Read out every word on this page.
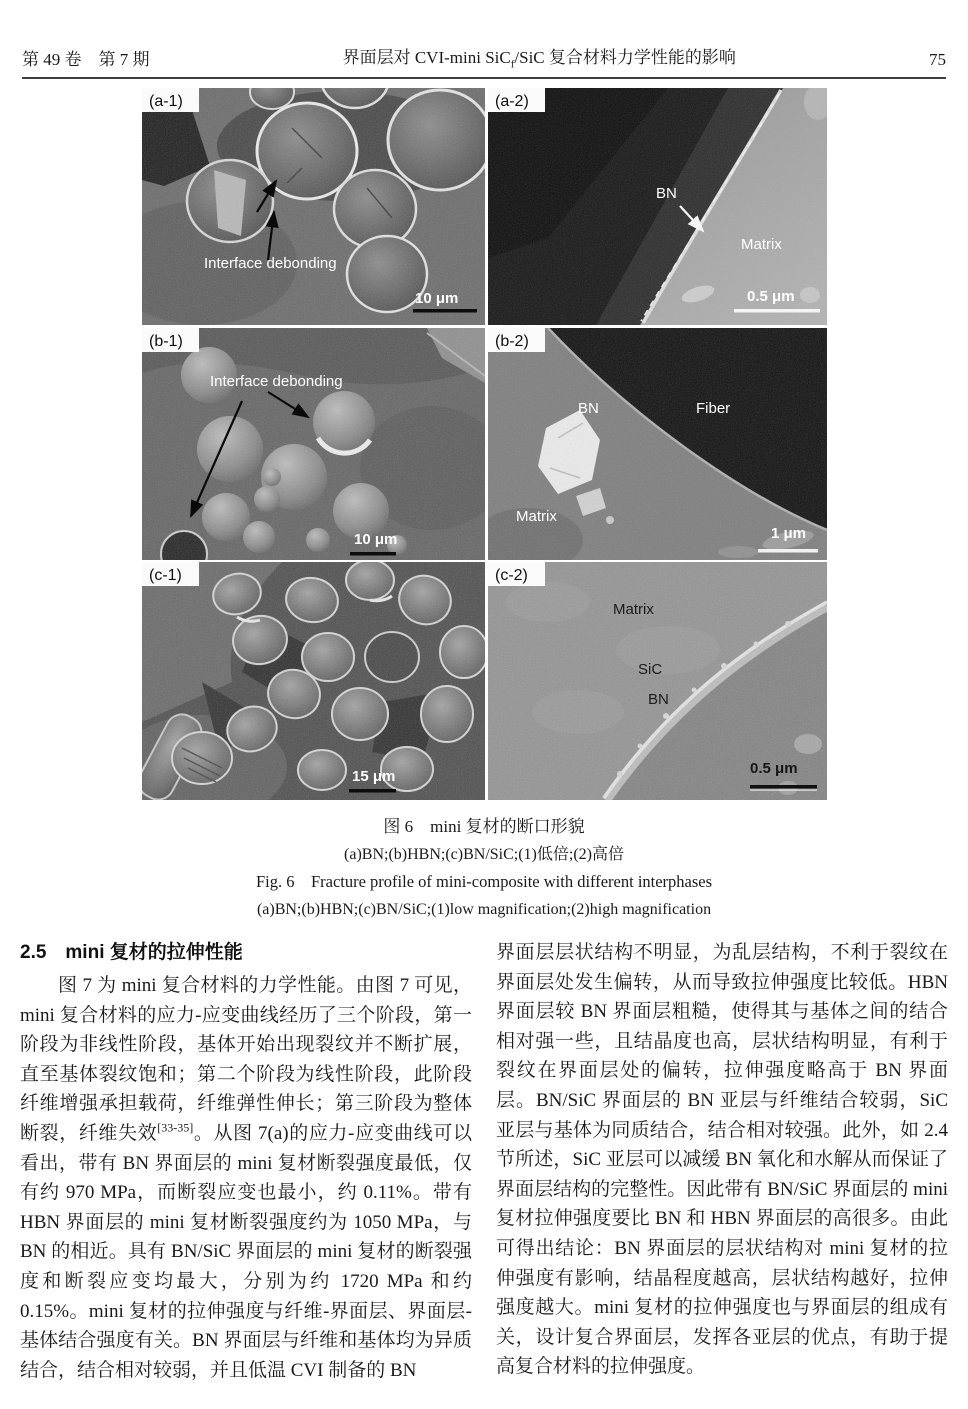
第 49 卷　第 7 期	界面层对 CVI-mini SiC$_f$/SiC 复合材料力学性能的影响	75
Interface debonding
10 μm
(a-1)
BN
Matrix
0.5 μm
(a-2)
Interface debonding
10 μm
(b-1)
BN	Fiber
Matrix
1 μm
(b-2)
15 μm
(c-1)
Matrix
SiC
BN
0.5 μm
(c-2)
图 6　mini 复材的断口形貌
(a)BN;(b)HBN;(c)BN/SiC;(1)低倍;(2)高倍
Fig. 6　Fracture profile of mini-composite with different interphases
(a)BN;(b)HBN;(c)BN/SiC;(1)low magnification;(2)high magnification
2.5　mini 复材的拉伸性能

图 7 为 mini 复合材料的力学性能。由图 7 可见，mini 复合材料的应力-应变曲线经历了三个阶段，第一阶段为非线性阶段，基体开始出现裂纹并不断扩展，直至基体裂纹饱和；第二个阶段为线性阶段，此阶段纤维增强承担载荷，纤维弹性伸长；第三阶段为整体断裂，纤维失效[33-35]。从图 7(a)的应力-应变曲线可以看出，带有 BN 界面层的 mini 复材断裂强度最低，仅有约 970 MPa，而断裂应变也最小，约 0.11%。带有 HBN 界面层的 mini 复材断裂强度约为 1050 MPa，与 BN 的相近。具有 BN/SiC 界面层的 mini 复材的断裂强度和断裂应变均最大，分别为约 1720 MPa 和约 0.15%。mini 复材的拉伸强度与纤维-界面层、界面层-基体结合强度有关。BN 界面层与纤维和基体均为异质结合，结合相对较弱，并且低温 CVI 制备的 BN

界面层层状结构不明显，为乱层结构，不利于裂纹在界面层处发生偏转，从而导致拉伸强度比较低。HBN 界面层较 BN 界面层粗糙，使得其与基体之间的结合相对强一些，且结晶度也高，层状结构明显，有利于裂纹在界面层处的偏转，拉伸强度略高于 BN 界面层。BN/SiC 界面层的 BN 亚层与纤维结合较弱，SiC 亚层与基体为同质结合，结合相对较强。此外，如 2.4 节所述，SiC 亚层可以减缓 BN 氧化和水解从而保证了界面层结构的完整性。因此带有 BN/SiC 界面层的 mini 复材拉伸强度要比 BN 和 HBN 界面层的高很多。由此可得出结论：BN 界面层的层状结构对 mini 复材的拉伸强度有影响，结晶程度越高，层状结构越好，拉伸强度越大。mini 复材的拉伸强度也与界面层的组成有关，设计复合界面层，发挥各亚层的优点，有助于提高复合材料的拉伸强度。
